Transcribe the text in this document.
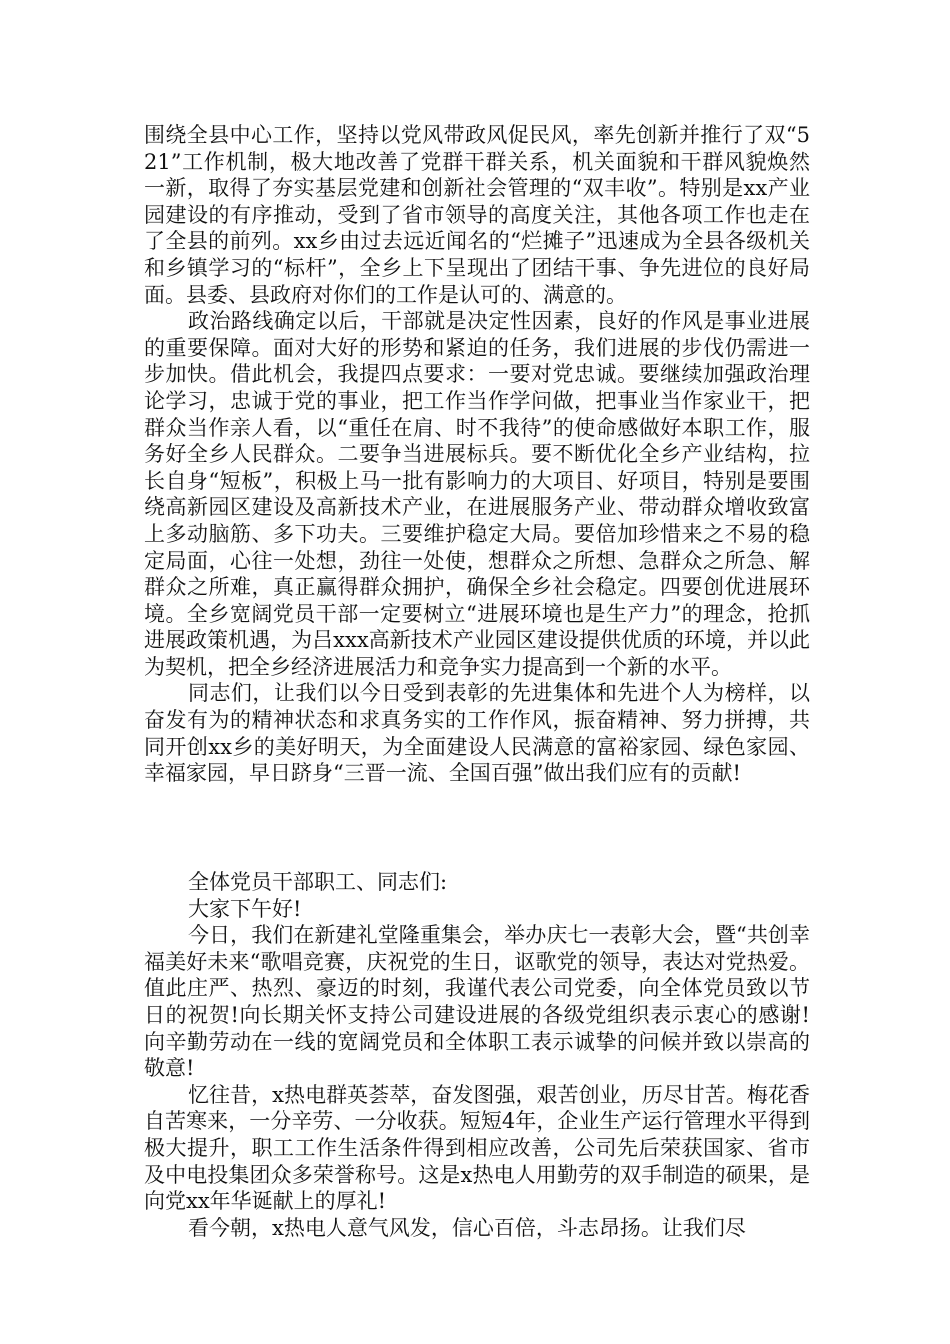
围绕全县中心工作，坚持以党风带政风促民风，率先创新并推行了双“521”工作机制，极大地改善了党群干群关系，机关面貌和干群风貌焕然一新，取得了夯实基层党建和创新社会管理的“双丰收”。特别是xx产业园建设的有序推动，受到了省市领导的高度关注，其他各项工作也走在了全县的前列。xx乡由过去远近闻名的“烂摊子”迅速成为全县各级机关和乡镇学习的“标杆”，全乡上下呈现出了团结干事、争先进位的良好局面。县委、县政府对你们的工作是认可的、满意的。

政治路线确定以后，干部就是决定性因素，良好的作风是事业进展的重要保障。面对大好的形势和紧迫的任务，我们进展的步伐仍需进一步加快。借此机会，我提四点要求：一要对党忠诚。要继续加强政治理论学习，忠诚于党的事业，把工作当作学问做，把事业当作家业干，把群众当作亲人看，以“重任在肩、时不我待”的使命感做好本职工作，服务好全乡人民群众。二要争当进展标兵。要不断优化全乡产业结构，拉长自身“短板”，积极上马一批有影响力的大项目、好项目，特别是要围绕高新园区建设及高新技术产业，在进展服务产业、带动群众增收致富上多动脑筋、多下功夫。三要维护稳定大局。要倍加珍惜来之不易的稳定局面，心往一处想，劲往一处使，想群众之所想、急群众之所急、解群众之所难，真正赢得群众拥护，确保全乡社会稳定。四要创优进展环境。全乡宽阔党员干部一定要树立“进展环境也是生产力”的理念，抢抓进展政策机遇，为吕xxx高新技术产业园区建设提供优质的环境，并以此为契机，把全乡经济进展活力和竞争实力提高到一个新的水平。

同志们，让我们以今日受到表彰的先进集体和先进个人为榜样，以奋发有为的精神状态和求真务实的工作作风，振奋精神、努力拼搏，共同开创xx乡的美好明天，为全面建设人民满意的富裕家园、绿色家园、幸福家园，早日跻身“三晋一流、全国百强”做出我们应有的贡献!

全体党员干部职工、同志们:

大家下午好!

今日，我们在新建礼堂隆重集会，举办庆七一表彰大会，暨“共创幸福美好未来“歌唱竞赛，庆祝党的生日，讴歌党的领导，表达对党热爱。值此庄严、热烈、豪迈的时刻，我谨代表公司党委，向全体党员致以节日的祝贺!向长期关怀支持公司建设进展的各级党组织表示衷心的感谢!向辛勤劳动在一线的宽阔党员和全体职工表示诚挚的问候并致以崇高的敬意!

忆往昔，x热电群英荟萃，奋发图强，艰苦创业，历尽甘苦。梅花香自苦寒来，一分辛劳、一分收获。短短4年，企业生产运行管理水平得到极大提升，职工工作生活条件得到相应改善，公司先后荣获国家、省市及中电投集团众多荣誉称号。这是x热电人用勤劳的双手制造的硕果，是向党xx年华诞献上的厚礼!

看今朝，x热电人意气风发，信心百倍，斗志昂扬。让我们尽
